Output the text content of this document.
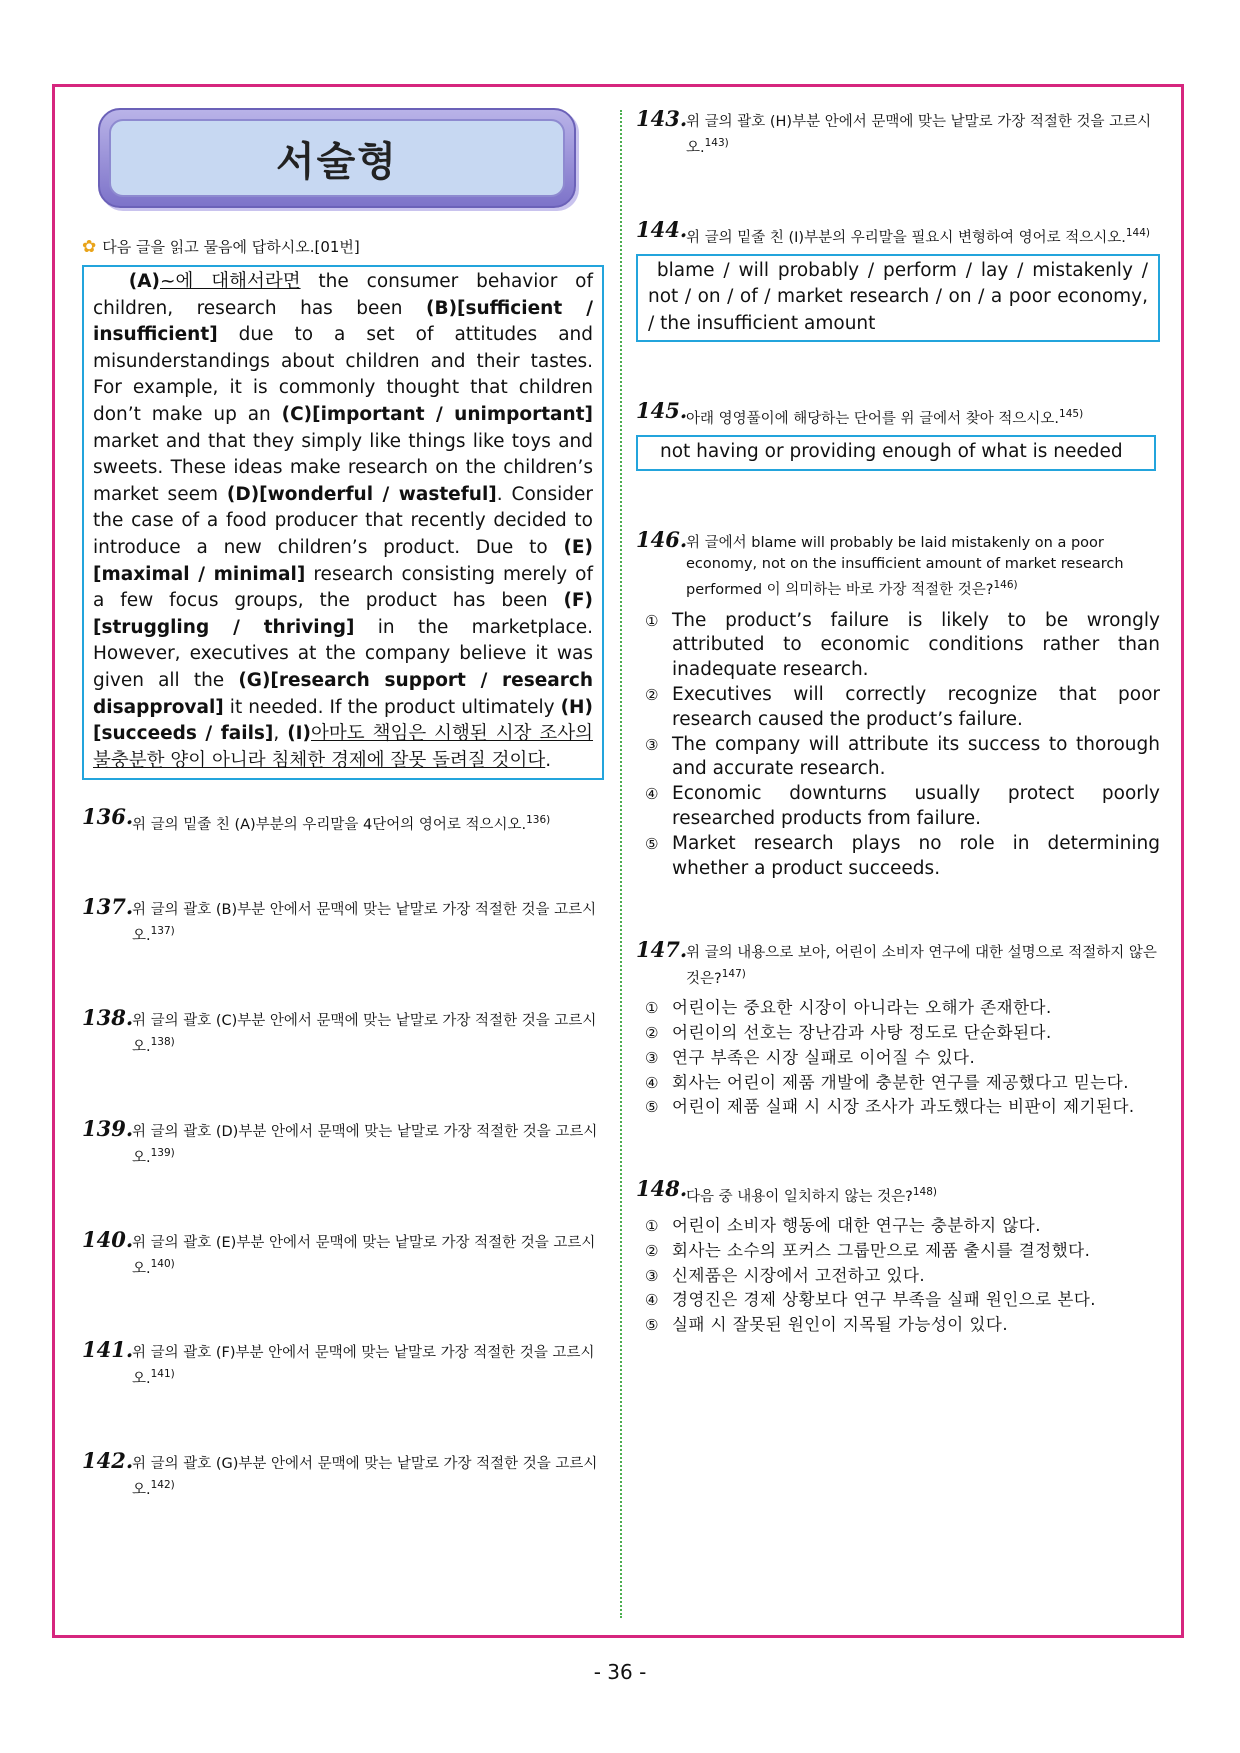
서술형
✿ 다음 글을 읽고 물음에 답하시오.[01번]
(A)~에 대해서라면 the consumer behavior of children, research has been (B)[sufficient / insufficient] due to a set of attitudes and misunderstandings about children and their tastes. For example, it is commonly thought that children don’t make up an (C)[important / unimportant] market and that they simply like things like toys and sweets. These ideas make research on the children’s market seem (D)[wonderful / wasteful]. Consider the case of a food producer that recently decided to introduce a new children’s product. Due to (E)[maximal / minimal] research consisting merely of a few focus groups, the product has been (F)[struggling / thriving] in the marketplace. However, executives at the company believe it was given all the (G)[research support / research disapproval] it needed. If the product ultimately (H)[succeeds / fails], (I)아마도 책임은 시행된 시장 조사의 불충분한 양이 아니라 침체한 경제에 잘못 돌려질 것이다.
136.
위 글의 밑줄 친 (A)부분의 우리말을 4단어의 영어로 적으시오.$^{136)}$
137.
위 글의 괄호 (B)부분 안에서 문맥에 맞는 낱말로 가장 적절한 것을 고르시오.$^{137)}$
138.
위 글의 괄호 (C)부분 안에서 문맥에 맞는 낱말로 가장 적절한 것을 고르시오.$^{138)}$
139.
위 글의 괄호 (D)부분 안에서 문맥에 맞는 낱말로 가장 적절한 것을 고르시오.$^{139)}$
140.
위 글의 괄호 (E)부분 안에서 문맥에 맞는 낱말로 가장 적절한 것을 고르시오.$^{140)}$
141.
위 글의 괄호 (F)부분 안에서 문맥에 맞는 낱말로 가장 적절한 것을 고르시오.$^{141)}$
142.
위 글의 괄호 (G)부분 안에서 문맥에 맞는 낱말로 가장 적절한 것을 고르시오.$^{142)}$
143.
위 글의 괄호 (H)부분 안에서 문맥에 맞는 낱말로 가장 적절한 것을 고르시오.$^{143)}$
144.
위 글의 밑줄 친 (I)부분의 우리말을 필요시 변형하여 영어로 적으시오.$^{144)}$
blame / will probably / perform / lay / mistakenly / not / on / of / market research / on / a poor economy, / the insufficient amount
145.
아래 영영풀이에 해당하는 단어를 위 글에서 찾아 적으시오.$^{145)}$
not having or providing enough of what is needed
146.
위 글에서 blame will probably be laid mistakenly on a poor economy, not on the insufficient amount of market research performed 이 의미하는 바로 가장 적절한 것은?$^{146)}$
① The product’s failure is likely to be wrongly attributed to economic conditions rather than inadequate research.
② Executives will correctly recognize that poor research caused the product’s failure.
③ The company will attribute its success to thorough and accurate research.
④ Economic downturns usually protect poorly researched products from failure.
⑤ Market research plays no role in determining whether a product succeeds.
147.
위 글의 내용으로 보아, 어린이 소비자 연구에 대한 설명으로 적절하지 않은 것은?$^{147)}$
① 어린이는 중요한 시장이 아니라는 오해가 존재한다.
② 어린이의 선호는 장난감과 사탕 정도로 단순화된다.
③ 연구 부족은 시장 실패로 이어질 수 있다.
④ 회사는 어린이 제품 개발에 충분한 연구를 제공했다고 믿는다.
⑤ 어린이 제품 실패 시 시장 조사가 과도했다는 비판이 제기된다.
148.
다음 중 내용이 일치하지 않는 것은?$^{148)}$
① 어린이 소비자 행동에 대한 연구는 충분하지 않다.
② 회사는 소수의 포커스 그룹만으로 제품 출시를 결정했다.
③ 신제품은 시장에서 고전하고 있다.
④ 경영진은 경제 상황보다 연구 부족을 실패 원인으로 본다.
⑤ 실패 시 잘못된 원인이 지목될 가능성이 있다.
- 36 -
